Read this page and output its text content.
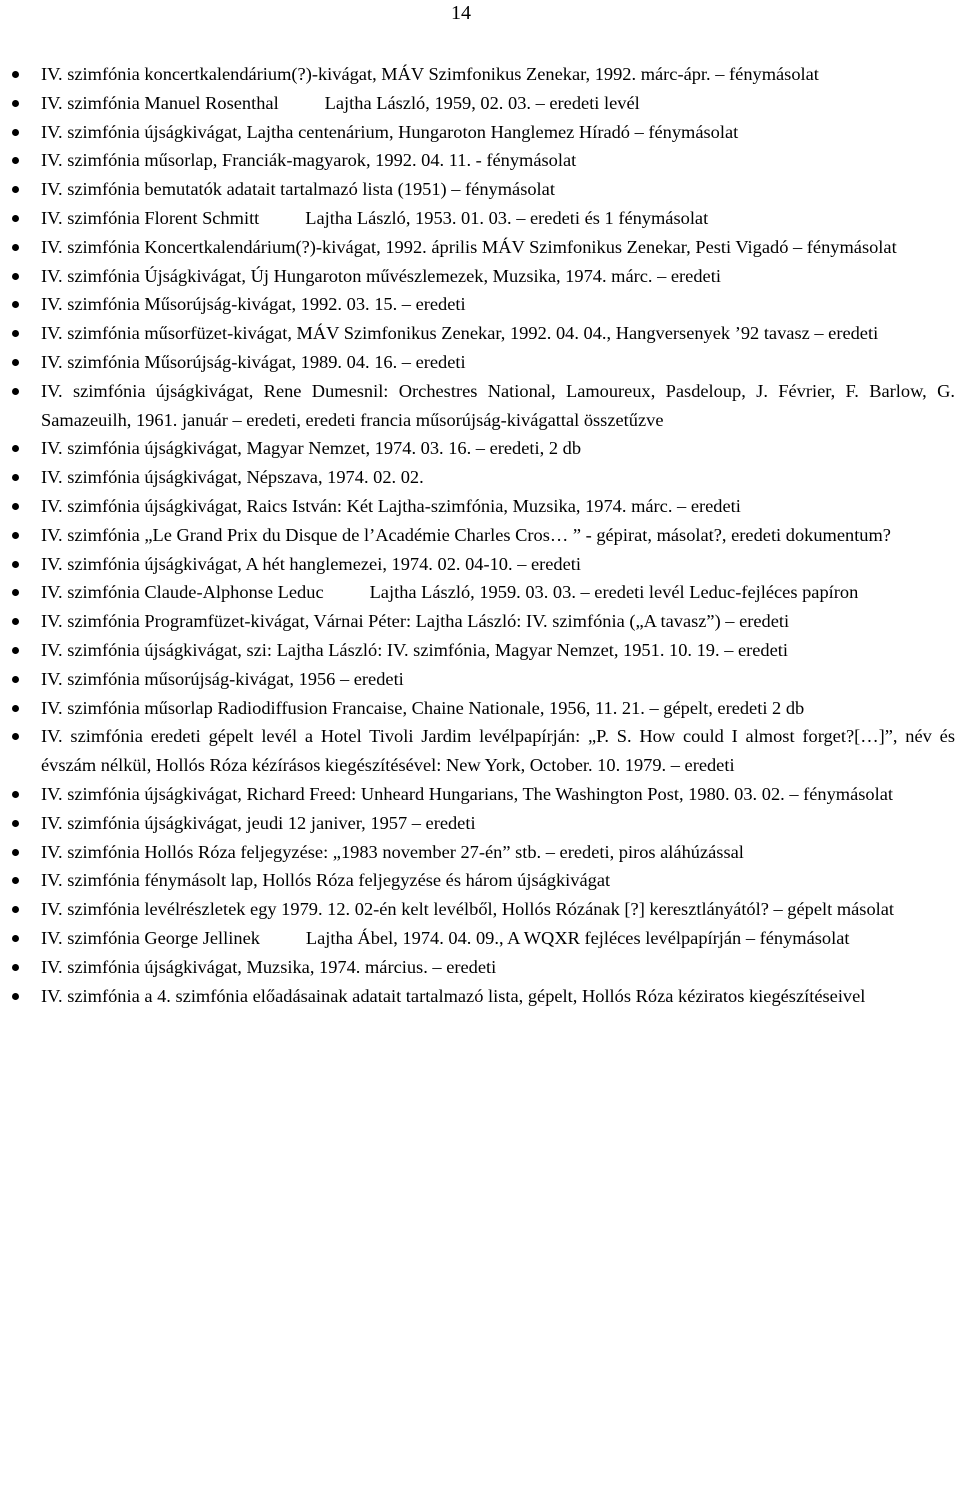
14
IV. szimfónia koncertkalendárium(?)-kivágat, MÁV Szimfonikus Zenekar, 1992. márc-ápr. – fénymásolat
IV. szimfónia Manuel Rosenthal    Lajtha László, 1959, 02. 03. – eredeti levél
IV. szimfónia újságkivágat, Lajtha centenárium, Hungaroton Hanglemez Híradó – fénymásolat
IV. szimfónia műsorlap, Franciák-magyarok, 1992. 04. 11. - fénymásolat
IV. szimfónia bemutatók adatait tartalmazó lista (1951) – fénymásolat
IV. szimfónia Florent Schmitt    Lajtha László, 1953. 01. 03. – eredeti és 1 fénymásolat
IV. szimfónia Koncertkalendárium(?)-kivágat, 1992. április MÁV Szimfonikus Zenekar, Pesti Vigadó – fénymásolat
IV. szimfónia Újságkivágat, Új Hungaroton művészlemezek, Muzsika, 1974. márc. – eredeti
IV. szimfónia Műsorújság-kivágat, 1992. 03. 15. – eredeti
IV. szimfónia műsorfüzet-kivágat, MÁV Szimfonikus Zenekar, 1992. 04. 04., Hangversenyek ’92 tavasz – eredeti
IV. szimfónia Műsorújság-kivágat, 1989. 04. 16. – eredeti
IV. szimfónia újságkivágat, Rene Dumesnil: Orchestres National, Lamoureux, Pasdeloup, J. Février, F. Barlow, G. Samazeuilh, 1961. január – eredeti, eredeti francia műsorújság-kivágattal összetűzve
IV. szimfónia újságkivágat, Magyar Nemzet, 1974. 03. 16. – eredeti, 2 db
IV. szimfónia újságkivágat, Népszava, 1974. 02. 02.
IV. szimfónia újságkivágat, Raics István: Két Lajtha-szimfónia, Muzsika, 1974. márc. – eredeti
IV. szimfónia „Le Grand Prix du Disque de l’Académie Charles Cros… ” - gépirat, másolat?, eredeti dokumentum?
IV. szimfónia újságkivágat, A hét hanglemezei, 1974. 02. 04-10. – eredeti
IV. szimfónia Claude-Alphonse Leduc    Lajtha László, 1959. 03. 03. – eredeti levél Leduc-fejléces papíron
IV. szimfónia Programfüzet-kivágat, Várnai Péter: Lajtha László: IV. szimfónia („A tavasz”) – eredeti
IV. szimfónia újságkivágat, szi: Lajtha László: IV. szimfónia, Magyar Nemzet, 1951. 10. 19. – eredeti
IV. szimfónia műsorújság-kivágat, 1956 – eredeti
IV. szimfónia műsorlap Radiodiffusion Francaise, Chaine Nationale, 1956, 11. 21. – gépelt, eredeti 2 db
IV. szimfónia eredeti gépelt levél a Hotel Tivoli Jardim levélpapírján: „P. S. How could I almost forget?[…]”, név és évszám nélkül, Hollós Róza kézírásos kiegészítésével: New York, October. 10. 1979. – eredeti
IV. szimfónia újságkivágat, Richard Freed: Unheard Hungarians, The Washington Post, 1980. 03. 02. – fénymásolat
IV. szimfónia újságkivágat, jeudi 12 janiver, 1957 – eredeti
IV. szimfónia Hollós Róza feljegyzése: „1983 november 27-én” stb. – eredeti, piros aláhúzással
IV. szimfónia fénymásolt lap, Hollós Róza feljegyzése és három újságkivágat
IV. szimfónia levélrészletek egy 1979. 12. 02-én kelt levélből, Hollós Rózának [?] keresztlányától? – gépelt másolat
IV. szimfónia George Jellinek    Lajtha Ábel, 1974. 04. 09., A WQXR fejléces levélpapírján – fénymásolat
IV. szimfónia újságkivágat, Muzsika, 1974. március. – eredeti
IV. szimfónia a 4. szimfónia előadásainak adatait tartalmazó lista, gépelt, Hollós Róza kéziratos kiegészítéseivel
